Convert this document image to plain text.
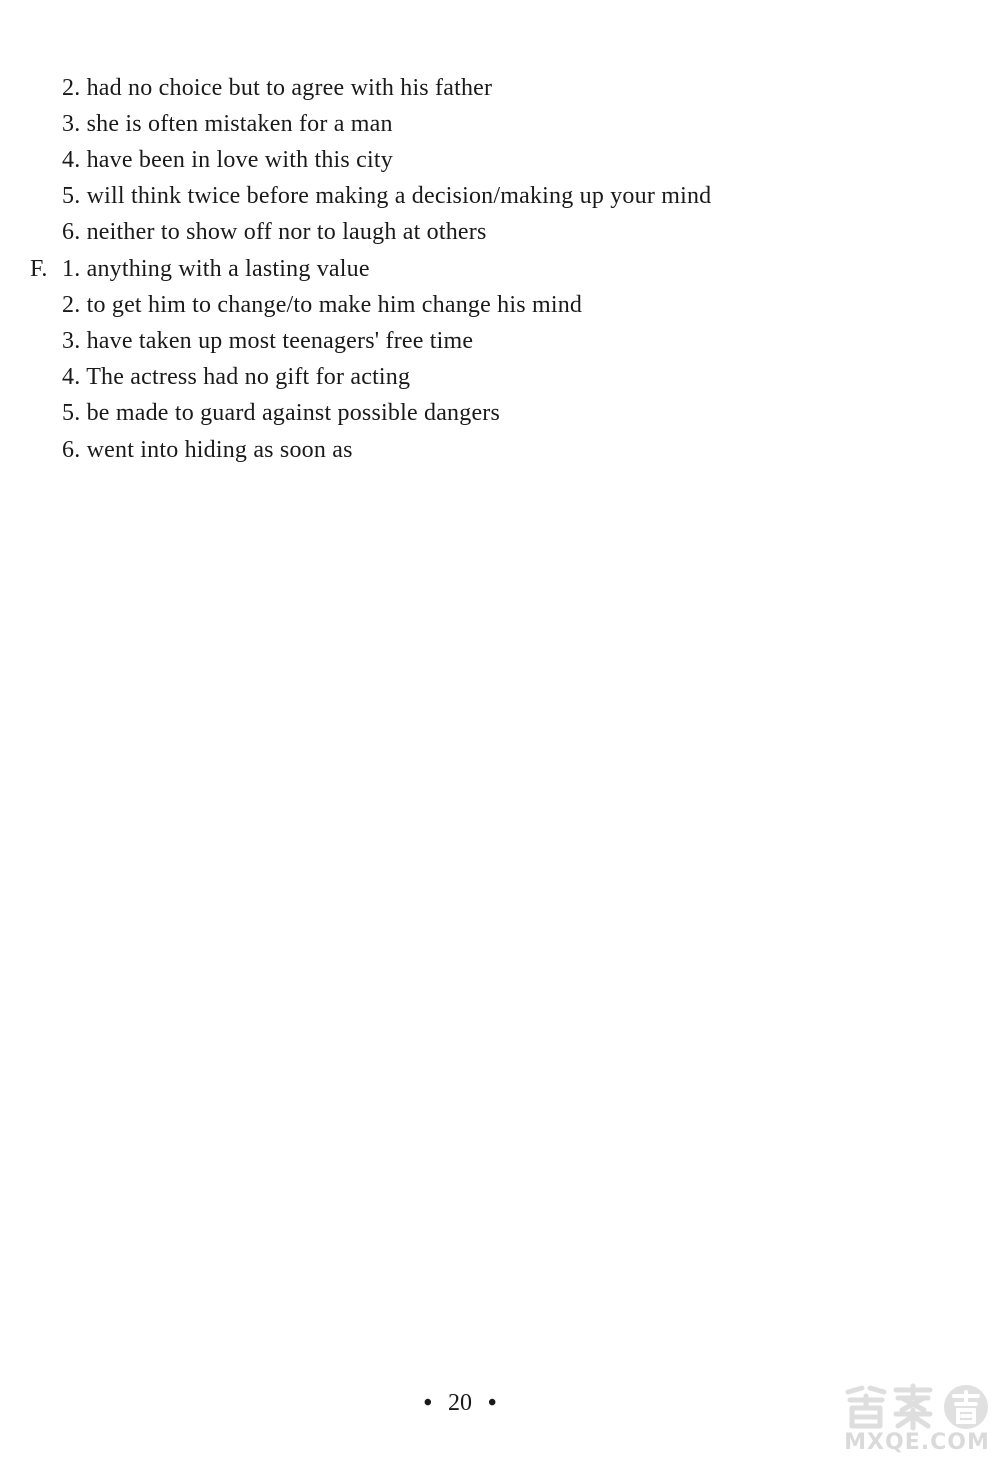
2. had no choice but to agree with his father
3. she is often mistaken for a man
4. have been in love with this city
5. will think twice before making a decision/making up your mind
6. neither to show off nor to laugh at others
F. 1. anything with a lasting value
2. to get him to change/to make him change his mind
3. have taken up most teenagers' free time
4. The actress had no gift for acting
5. be made to guard against possible dangers
6. went into hiding as soon as
• 20 •
MXQE.COM
